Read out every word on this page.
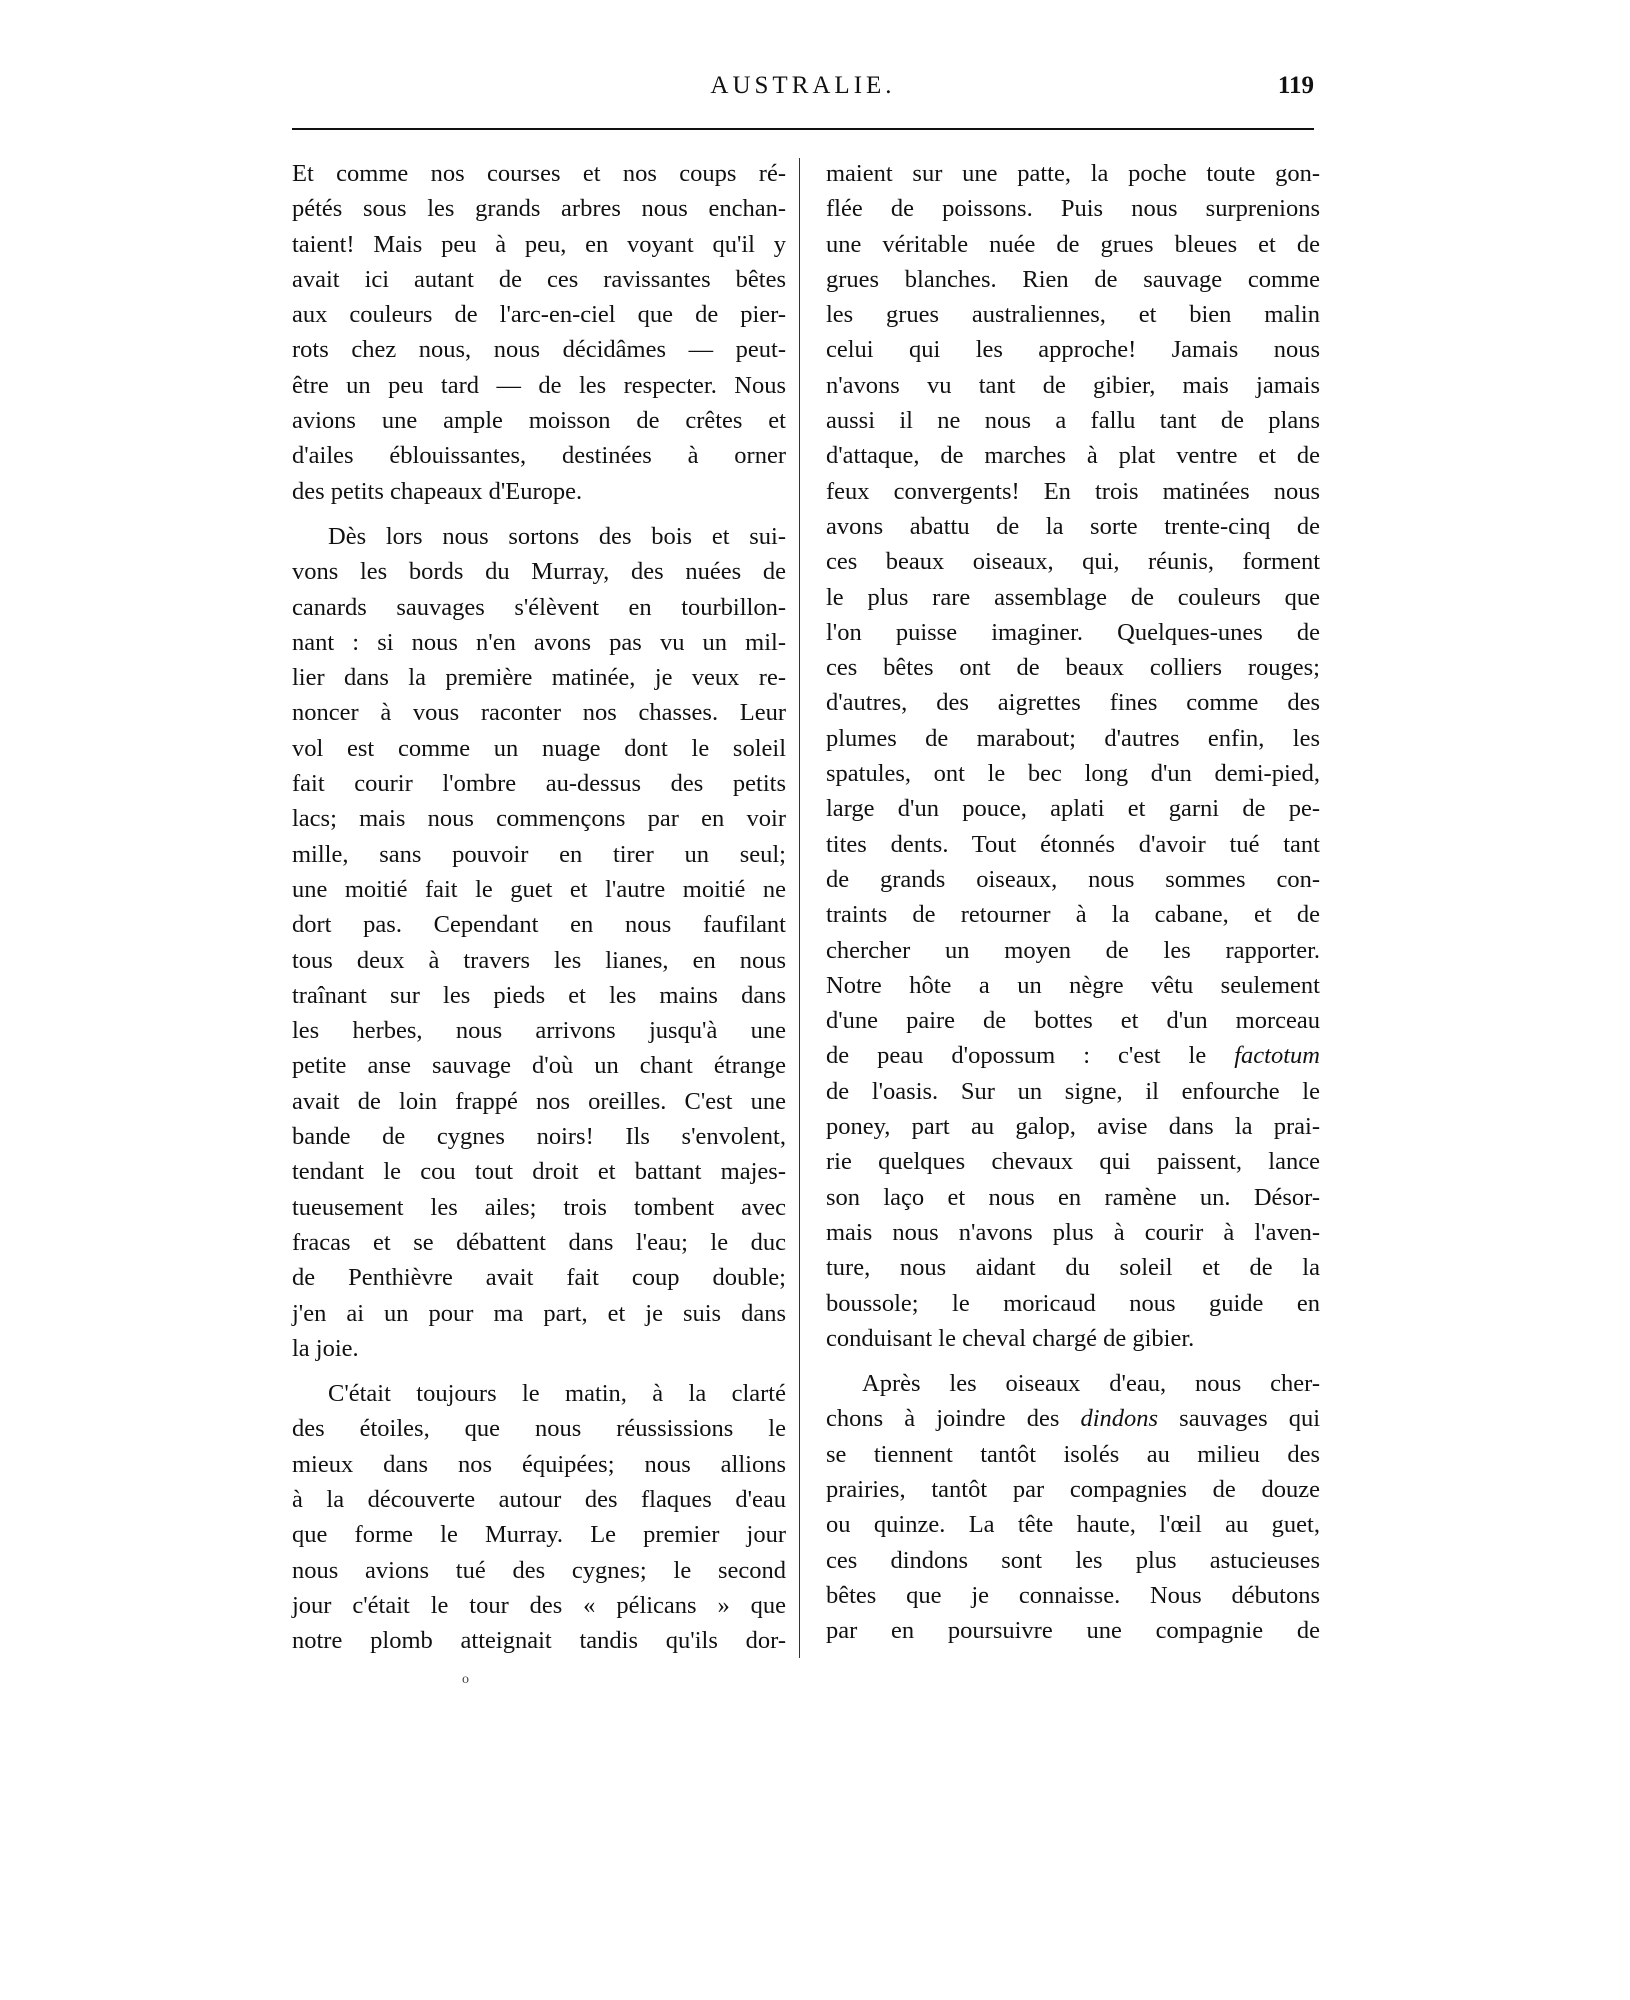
AUSTRALIE.	119
Et comme nos courses et nos coups ré-
pétés sous les grands arbres nous enchan-
taient! Mais peu à peu, en voyant qu'il y
avait ici autant de ces ravissantes bêtes
aux couleurs de l'arc-en-ciel que de pier-
rots chez nous, nous décidâmes — peut-
être un peu tard — de les respecter. Nous
avions une ample moisson de crêtes et
d'ailes éblouissantes, destinées à orner
des petits chapeaux d'Europe.
Dès lors nous sortons des bois et sui-
vons les bords du Murray, des nuées de
canards sauvages s'élèvent en tourbillon-
nant : si nous n'en avons pas vu un mil-
lier dans la première matinée, je veux re-
noncer à vous raconter nos chasses. Leur
vol est comme un nuage dont le soleil
fait courir l'ombre au-dessus des petits
lacs; mais nous commençons par en voir
mille, sans pouvoir en tirer un seul;
une moitié fait le guet et l'autre moitié ne
dort pas. Cependant en nous faufilant
tous deux à travers les lianes, en nous
traînant sur les pieds et les mains dans
les herbes, nous arrivons jusqu'à une
petite anse sauvage d'où un chant étrange
avait de loin frappé nos oreilles. C'est une
bande de cygnes noirs! Ils s'envolent,
tendant le cou tout droit et battant majes-
tueusement les ailes; trois tombent avec
fracas et se débattent dans l'eau; le duc
de Penthièvre avait fait coup double;
j'en ai un pour ma part, et je suis dans
la joie.
C'était toujours le matin, à la clarté
des étoiles, que nous réussissions le
mieux dans nos équipées; nous allions
à la découverte autour des flaques d'eau
que forme le Murray. Le premier jour
nous avions tué des cygnes; le second
jour c'était le tour des « pélicans » que
notre plomb atteignait tandis qu'ils dor-
maient sur une patte, la poche toute gon-
flée de poissons. Puis nous surprenions
une véritable nuée de grues bleues et de
grues blanches. Rien de sauvage comme
les grues australiennes, et bien malin
celui qui les approche! Jamais nous
n'avons vu tant de gibier, mais jamais
aussi il ne nous a fallu tant de plans
d'attaque, de marches à plat ventre et de
feux convergents! En trois matinées nous
avons abattu de la sorte trente-cinq de
ces beaux oiseaux, qui, réunis, forment
le plus rare assemblage de couleurs que
l'on puisse imaginer. Quelques-unes de
ces bêtes ont de beaux colliers rouges;
d'autres, des aigrettes fines comme des
plumes de marabout; d'autres enfin, les
spatules, ont le bec long d'un demi-pied,
large d'un pouce, aplati et garni de pe-
tites dents. Tout étonnés d'avoir tué tant
de grands oiseaux, nous sommes con-
traints de retourner à la cabane, et de
chercher un moyen de les rapporter.
Notre hôte a un nègre vêtu seulement
d'une paire de bottes et d'un morceau
de peau d'opossum : c'est le factotum
de l'oasis. Sur un signe, il enfourche le
poney, part au galop, avise dans la prai-
rie quelques chevaux qui paissent, lance
son laço et nous en ramène un. Désor-
mais nous n'avons plus à courir à l'aven-
ture, nous aidant du soleil et de la
boussole; le moricaud nous guide en
conduisant le cheval chargé de gibier.
Après les oiseaux d'eau, nous cher-
chons à joindre des dindons sauvages qui
se tiennent tantôt isolés au milieu des
prairies, tantôt par compagnies de douze
ou quinze. La tête haute, l'œil au guet,
ces dindons sont les plus astucieuses
bêtes que je connaisse. Nous débutons
par en poursuivre une compagnie de
o
